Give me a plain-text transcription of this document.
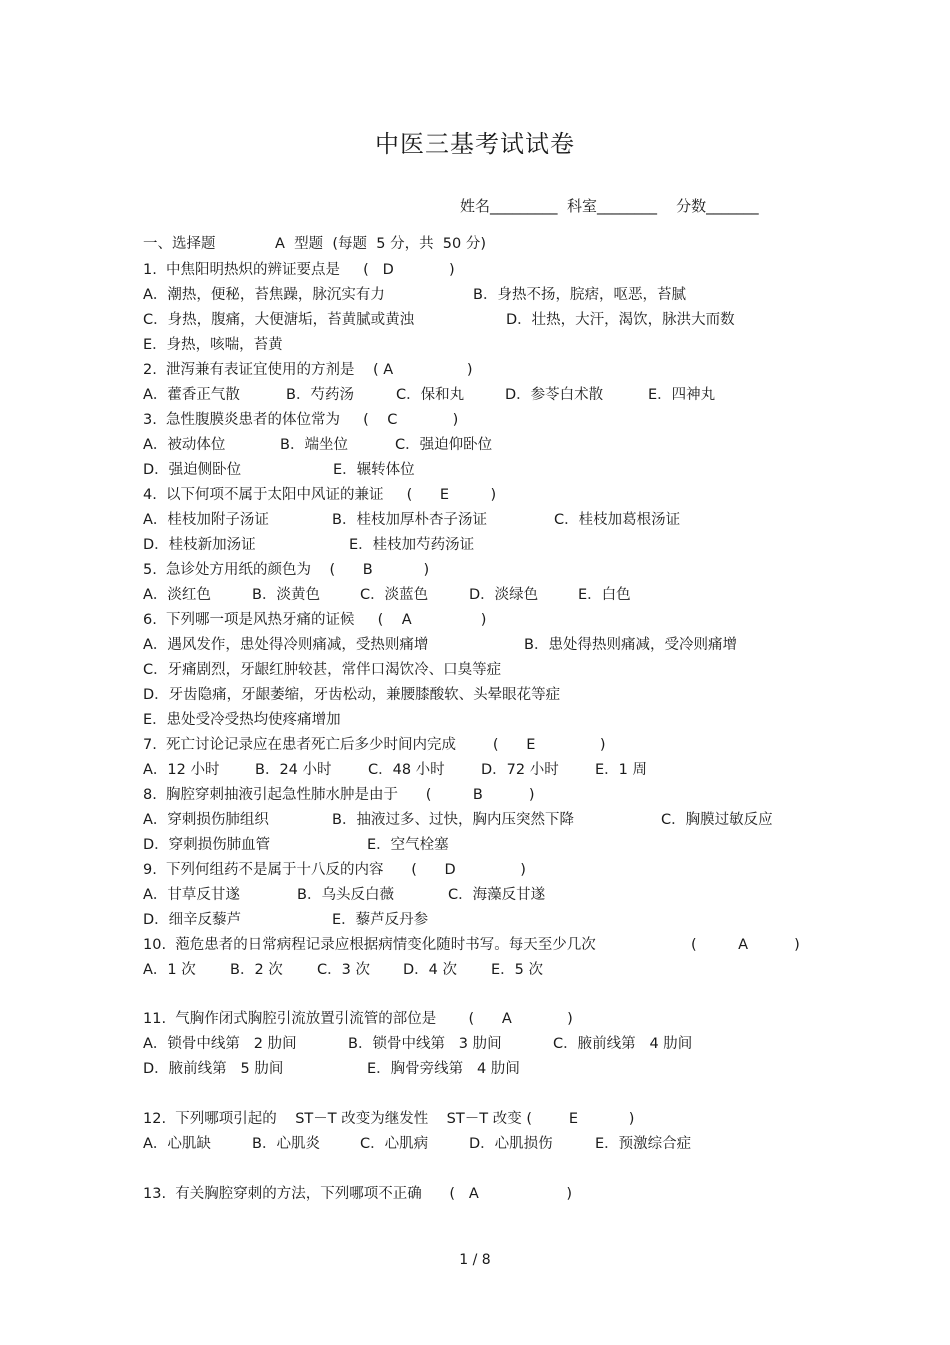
中医三基考试试卷
姓名_________  科室________    分数_______
一、选择题	A  型题  (每题  5 分，共  50 分)
1.  中焦阳明热炽的辨证要点是     (   D            )
A．潮热，便秘，苔焦躁，脉沉实有力	B．身热不扬，脘痞，呕恶，苔腻
C．身热，腹痛，大便溏垢，苔黄腻或黄浊	D．壮热，大汗，渴饮，脉洪大而数
E．身热，咳喘，苔黄
2.  泄泻兼有表证宜使用的方剂是    ( A                )
A．藿香正气散	B．芍药汤	C．保和丸	D．参苓白术散	E．四神丸
3.  急性腹膜炎患者的体位常为     (    C            )
A．被动体位	B．端坐位	C．强迫仰卧位
D．强迫侧卧位	E．辗转体位
4.  以下何项不属于太阳中风证的兼证     (      E         )
A．桂枝加附子汤证	B．桂枝加厚朴杏子汤证	C．桂枝加葛根汤证
D．桂枝新加汤证	E．桂枝加芍药汤证
5.  急诊处方用纸的颜色为    (      B           )
A．淡红色	B．淡黄色	C．淡蓝色	D．淡绿色	E．白色
6.  下列哪一项是风热牙痛的证候     (    A               )
A．遇风发作，患处得冷则痛减，受热则痛增	B．患处得热则痛减，受冷则痛增
C．牙痛剧烈，牙龈红肿较甚，常伴口渴饮冷、口臭等症
D．牙齿隐痛，牙龈萎缩，牙齿松动，兼腰膝酸软、头晕眼花等症
E．患处受冷受热均使疼痛增加
7.  死亡讨论记录应在患者死亡后多少时间内完成        (      E              )
A．12 小时 B．24 小时	C．48 小时	D．72 小时	E．1 周
8.  胸腔穿刺抽液引起急性肺水肿是由于      (         B          )
A．穿刺损伤肺组织	B．抽液过多、过快，胸内压突然下降	C．胸膜过敏反应
D．穿刺损伤肺血管	E．空气栓塞
9.  下列何组药不是属于十八反的内容      (      D              )
A．甘草反甘遂	B．乌头反白薇	C．海藻反甘遂
D．细辛反藜芦	E．藜芦反丹参
10.  萢危患者的日常病程记录应根据病情变化随时书写。每天至少几次	(         A          )
A．1 次 B．2 次 C．3 次 D．4 次 E．5 次
11.  气胸作闭式胸腔引流放置引流管的部位是       (      A            )
A．锁骨中线第   2 肋间	B．锁骨中线第   3 肋间	C．腋前线第   4 肋间
D．腋前线第   5 肋间	E．胸骨旁线第   4 肋间
12.  下列哪项引起的    ST－T 改变为继发性    ST－T 改变 (        E           )
A．心肌缺	B．心肌炎	C．心肌病	D．心肌损伤	E．预激综合症
13.  有关胸腔穿刺的方法，下列哪项不正确      (   A                   )
1 / 8
